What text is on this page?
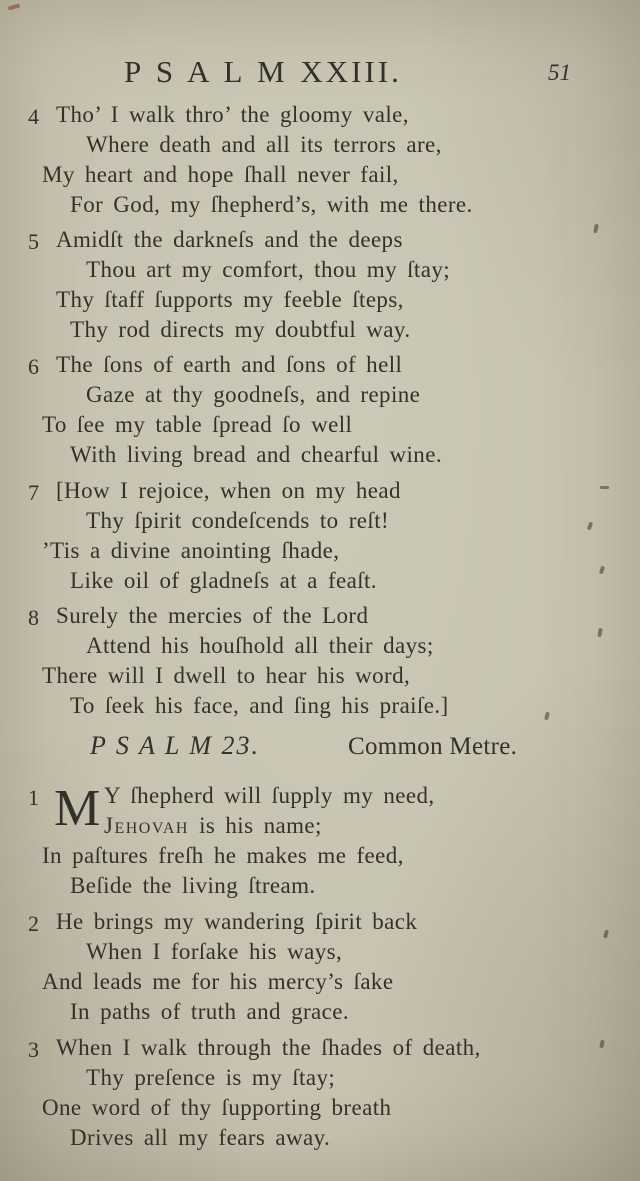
P S A L M XXIII.	51
4 Tho’ I walk thro’ the gloomy vale,
Where death and all its terrors are,
My heart and hope ſhall never fail,
For God, my ſhepherd’s, with me there.
5 Amidſt the darkneſs and the deeps
Thou art my comfort, thou my ſtay;
Thy ſtaff ſupports my feeble ſteps,
Thy rod directs my doubtful way.
6 The ſons of earth and ſons of hell
Gaze at thy goodneſs, and repine
To ſee my table ſpread ſo well
With living bread and chearful wine.
7 [How I rejoice, when on my head
Thy ſpirit condeſcends to reſt!
’Tis a divine anointing ſhade,
Like oil of gladneſs at a feaſt.
8 Surely the mercies of the Lord
Attend his houſhold all their days;
There will I dwell to hear his word,
To ſeek his face, and ſing his praiſe.]
P S A L M 23.	Common Metre.
1 M Y ſhepherd will ſupply my need,
Jehovah is his name;
In paſtures freſh he makes me feed,
Beſide the living ſtream.
2 He brings my wandering ſpirit back
When I forſake his ways,
And leads me for his mercy’s ſake
In paths of truth and grace.
3 When I walk through the ſhades of death,
Thy preſence is my ſtay;
One word of thy ſupporting breath
Drives all my fears away.
